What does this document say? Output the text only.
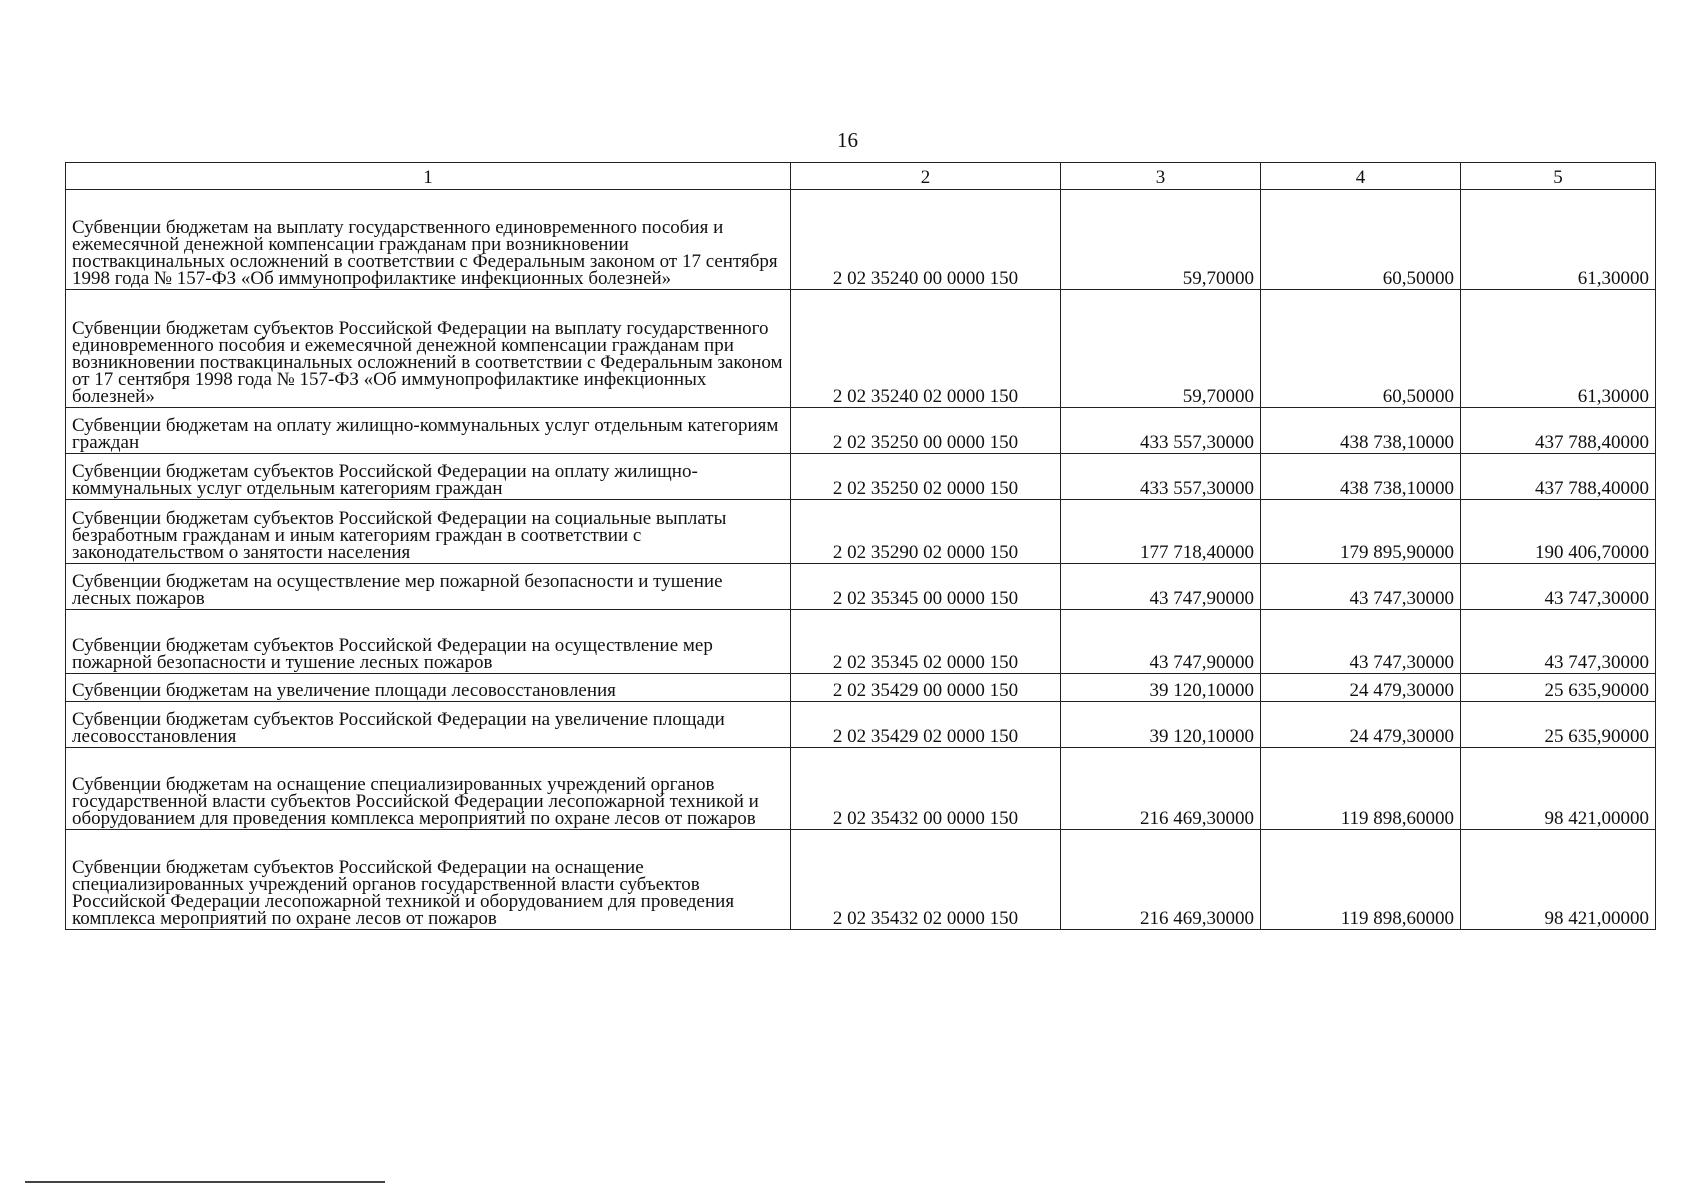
16
1	2	3	4	5
Субвенции бюджетам на выплату государственного единовременного пособия и ежемесячной денежной компенсации гражданам при возникновении поствакцинальных осложнений в соответствии с Федеральным законом от 17 сентября 1998 года № 157-ФЗ «Об иммунопрофилактике инфекционных болезней»	2 02 35240 00 0000 150	59,70000	60,50000	61,30000
Субвенции бюджетам субъектов Российской Федерации на выплату государственного единовременного пособия и ежемесячной денежной компенсации гражданам при возникновении поствакцинальных осложнений в соответствии с Федеральным законом от 17 сентября 1998 года № 157-ФЗ «Об иммунопрофилактике инфекционных болезней»	2 02 35240 02 0000 150	59,70000	60,50000	61,30000
Субвенции бюджетам на оплату жилищно-коммунальных услуг отдельным категориям граждан	2 02 35250 00 0000 150	433 557,30000	438 738,10000	437 788,40000
Субвенции бюджетам субъектов Российской Федерации на оплату жилищно-коммунальных услуг отдельным категориям граждан	2 02 35250 02 0000 150	433 557,30000	438 738,10000	437 788,40000
Субвенции бюджетам субъектов Российской Федерации на социальные выплаты безработным гражданам и иным категориям граждан в соответствии с законодательством о занятости населения	2 02 35290 02 0000 150	177 718,40000	179 895,90000	190 406,70000
Субвенции бюджетам на осуществление мер пожарной безопасности и тушение лесных пожаров	2 02 35345 00 0000 150	43 747,90000	43 747,30000	43 747,30000
Субвенции бюджетам субъектов Российской Федерации на осуществление мер пожарной безопасности и тушение лесных пожаров	2 02 35345 02 0000 150	43 747,90000	43 747,30000	43 747,30000
Субвенции бюджетам на увеличение площади лесовосстановления	2 02 35429 00 0000 150	39 120,10000	24 479,30000	25 635,90000
Субвенции бюджетам субъектов Российской Федерации на увеличение площади лесовосстановления	2 02 35429 02 0000 150	39 120,10000	24 479,30000	25 635,90000
Субвенции бюджетам на оснащение специализированных учреждений органов государственной власти субъектов Российской Федерации лесопожарной техникой и оборудованием для проведения комплекса мероприятий по охране лесов от пожаров	2 02 35432 00 0000 150	216 469,30000	119 898,60000	98 421,00000
Субвенции бюджетам субъектов Российской Федерации на оснащение специализированных учреждений органов государственной власти субъектов Российской Федерации лесопожарной техникой и оборудованием для проведения комплекса мероприятий по охране лесов от пожаров	2 02 35432 02 0000 150	216 469,30000	119 898,60000	98 421,00000
